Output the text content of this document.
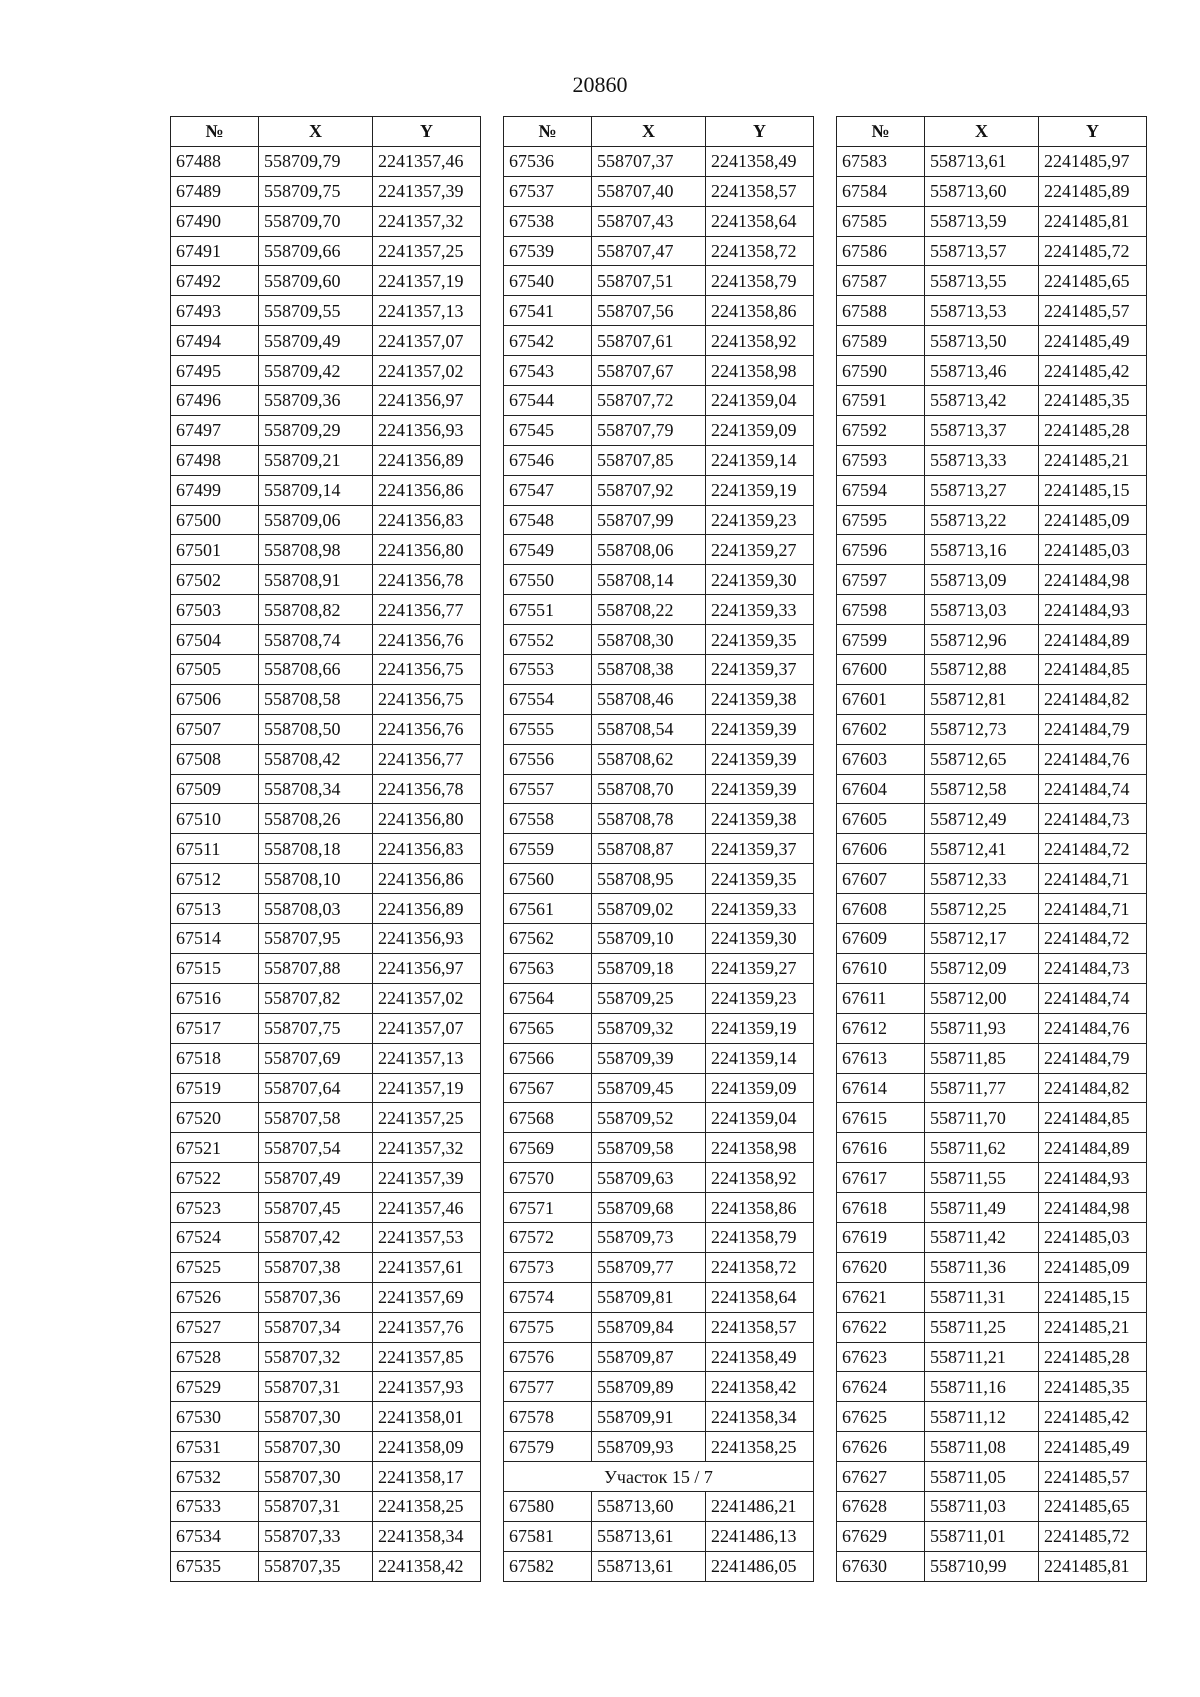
20860
№	X	Y
67488	558709,79	2241357,46
67489	558709,75	2241357,39
67490	558709,70	2241357,32
67491	558709,66	2241357,25
67492	558709,60	2241357,19
67493	558709,55	2241357,13
67494	558709,49	2241357,07
67495	558709,42	2241357,02
67496	558709,36	2241356,97
67497	558709,29	2241356,93
67498	558709,21	2241356,89
67499	558709,14	2241356,86
67500	558709,06	2241356,83
67501	558708,98	2241356,80
67502	558708,91	2241356,78
67503	558708,82	2241356,77
67504	558708,74	2241356,76
67505	558708,66	2241356,75
67506	558708,58	2241356,75
67507	558708,50	2241356,76
67508	558708,42	2241356,77
67509	558708,34	2241356,78
67510	558708,26	2241356,80
67511	558708,18	2241356,83
67512	558708,10	2241356,86
67513	558708,03	2241356,89
67514	558707,95	2241356,93
67515	558707,88	2241356,97
67516	558707,82	2241357,02
67517	558707,75	2241357,07
67518	558707,69	2241357,13
67519	558707,64	2241357,19
67520	558707,58	2241357,25
67521	558707,54	2241357,32
67522	558707,49	2241357,39
67523	558707,45	2241357,46
67524	558707,42	2241357,53
67525	558707,38	2241357,61
67526	558707,36	2241357,69
67527	558707,34	2241357,76
67528	558707,32	2241357,85
67529	558707,31	2241357,93
67530	558707,30	2241358,01
67531	558707,30	2241358,09
67532	558707,30	2241358,17
67533	558707,31	2241358,25
67534	558707,33	2241358,34
67535	558707,35	2241358,42
№	X	Y
67536	558707,37	2241358,49
67537	558707,40	2241358,57
67538	558707,43	2241358,64
67539	558707,47	2241358,72
67540	558707,51	2241358,79
67541	558707,56	2241358,86
67542	558707,61	2241358,92
67543	558707,67	2241358,98
67544	558707,72	2241359,04
67545	558707,79	2241359,09
67546	558707,85	2241359,14
67547	558707,92	2241359,19
67548	558707,99	2241359,23
67549	558708,06	2241359,27
67550	558708,14	2241359,30
67551	558708,22	2241359,33
67552	558708,30	2241359,35
67553	558708,38	2241359,37
67554	558708,46	2241359,38
67555	558708,54	2241359,39
67556	558708,62	2241359,39
67557	558708,70	2241359,39
67558	558708,78	2241359,38
67559	558708,87	2241359,37
67560	558708,95	2241359,35
67561	558709,02	2241359,33
67562	558709,10	2241359,30
67563	558709,18	2241359,27
67564	558709,25	2241359,23
67565	558709,32	2241359,19
67566	558709,39	2241359,14
67567	558709,45	2241359,09
67568	558709,52	2241359,04
67569	558709,58	2241358,98
67570	558709,63	2241358,92
67571	558709,68	2241358,86
67572	558709,73	2241358,79
67573	558709,77	2241358,72
67574	558709,81	2241358,64
67575	558709,84	2241358,57
67576	558709,87	2241358,49
67577	558709,89	2241358,42
67578	558709,91	2241358,34
67579	558709,93	2241358,25
Участок 15 / 7		
67580	558713,60	2241486,21
67581	558713,61	2241486,13
67582	558713,61	2241486,05
№	X	Y
67583	558713,61	2241485,97
67584	558713,60	2241485,89
67585	558713,59	2241485,81
67586	558713,57	2241485,72
67587	558713,55	2241485,65
67588	558713,53	2241485,57
67589	558713,50	2241485,49
67590	558713,46	2241485,42
67591	558713,42	2241485,35
67592	558713,37	2241485,28
67593	558713,33	2241485,21
67594	558713,27	2241485,15
67595	558713,22	2241485,09
67596	558713,16	2241485,03
67597	558713,09	2241484,98
67598	558713,03	2241484,93
67599	558712,96	2241484,89
67600	558712,88	2241484,85
67601	558712,81	2241484,82
67602	558712,73	2241484,79
67603	558712,65	2241484,76
67604	558712,58	2241484,74
67605	558712,49	2241484,73
67606	558712,41	2241484,72
67607	558712,33	2241484,71
67608	558712,25	2241484,71
67609	558712,17	2241484,72
67610	558712,09	2241484,73
67611	558712,00	2241484,74
67612	558711,93	2241484,76
67613	558711,85	2241484,79
67614	558711,77	2241484,82
67615	558711,70	2241484,85
67616	558711,62	2241484,89
67617	558711,55	2241484,93
67618	558711,49	2241484,98
67619	558711,42	2241485,03
67620	558711,36	2241485,09
67621	558711,31	2241485,15
67622	558711,25	2241485,21
67623	558711,21	2241485,28
67624	558711,16	2241485,35
67625	558711,12	2241485,42
67626	558711,08	2241485,49
67627	558711,05	2241485,57
67628	558711,03	2241485,65
67629	558711,01	2241485,72
67630	558710,99	2241485,81
